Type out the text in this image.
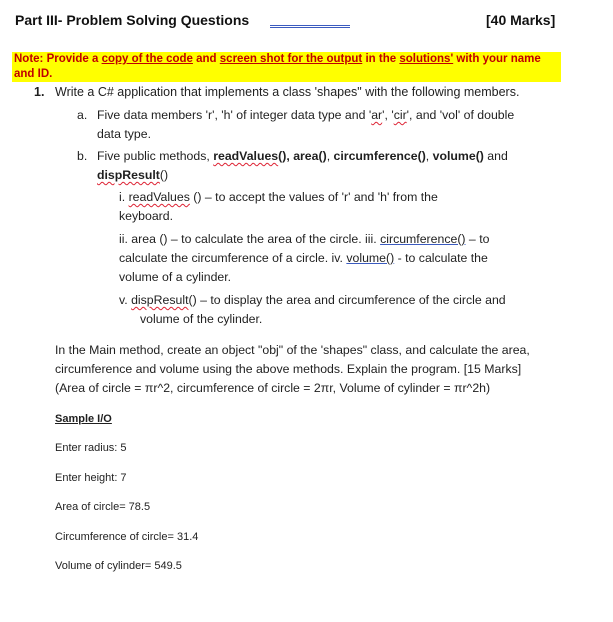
Part III- Problem Solving Questions	[40 Marks]
Note: Provide a copy of the code and screen shot for the output in the solutions' with your name and ID.
1. Write a C# application that implements a class 'shapes" with the following members.
a. Five data members 'r', 'h' of integer data type and 'ar', 'cir', and 'vol' of double
data type.
b. Five public methods, readValues(), area(), circumference(), volume() and
dispResult()
i. readValues () – to accept the values of 'r' and 'h' from the
keyboard.
ii. area () – to calculate the area of the circle. iii. circumference() – to
calculate the circumference of a circle. iv. volume() - to calculate the
volume of a cylinder.
v. dispResult() – to display the area and circumference of the circle and
volume of the cylinder.
In the Main method, create an object "obj" of the 'shapes" class, and calculate the area,
circumference and volume using the above methods. Explain the program. [15 Marks]
(Area of circle = πr^2, circumference of circle = 2πr, Volume of cylinder = πr^2h)
Sample I/O
Enter radius: 5
Enter height: 7
Area of circle= 78.5
Circumference of circle= 31.4
Volume of cylinder= 549.5
